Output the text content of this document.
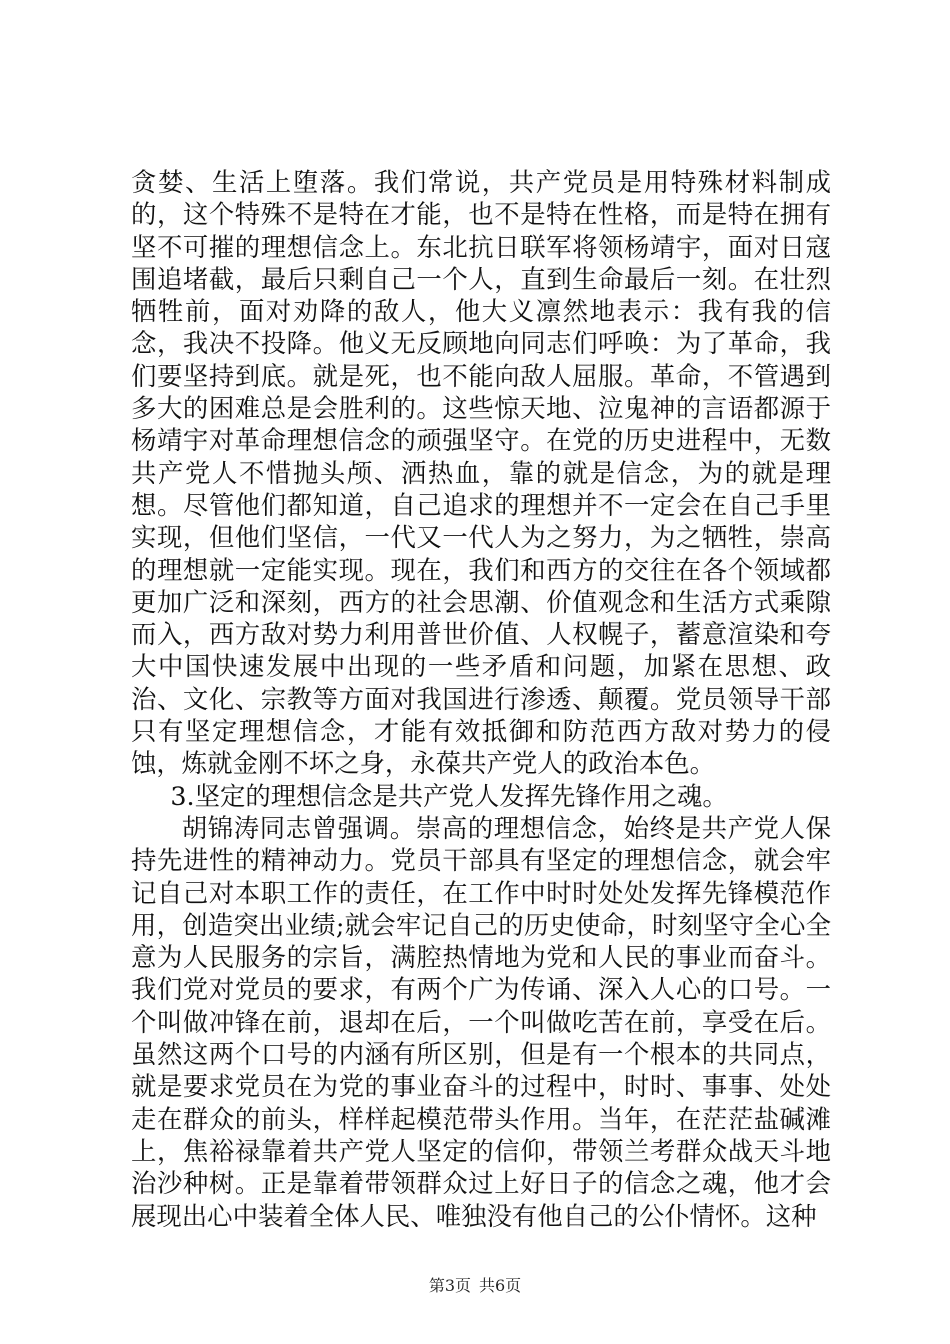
贪婪、生活上堕落。我们常说，共产党员是用特殊材料制成的，这个特殊不是特在才能，也不是特在性格，而是特在拥有坚不可摧的理想信念上。东北抗日联军将领杨靖宇，面对日寇围追堵截，最后只剩自己一个人，直到生命最后一刻。在壮烈牺牲前，面对劝降的敌人，他大义凛然地表示：我有我的信念，我决不投降。他义无反顾地向同志们呼唤：为了革命，我们要坚持到底。就是死，也不能向敌人屈服。革命，不管遇到多大的困难总是会胜利的。这些惊天地、泣鬼神的言语都源于杨靖宇对革命理想信念的顽强坚守。在党的历史进程中，无数共产党人不惜抛头颅、洒热血，靠的就是信念，为的就是理想。尽管他们都知道，自己追求的理想并不一定会在自己手里实现，但他们坚信，一代又一代人为之努力，为之牺牲，崇高的理想就一定能实现。现在，我们和西方的交往在各个领域都更加广泛和深刻，西方的社会思潮、价值观念和生活方式乘隙而入，西方敌对势力利用普世价值、人权幌子，蓄意渲染和夸大中国快速发展中出现的一些矛盾和问题，加紧在思想、政治、文化、宗教等方面对我国进行渗透、颠覆。党员领导干部只有坚定理想信念，才能有效抵御和防范西方敌对势力的侵蚀，炼就金刚不坏之身，永葆共产党人的政治本色。

3.坚定的理想信念是共产党人发挥先锋作用之魂。

胡锦涛同志曾强调。崇高的理想信念，始终是共产党人保持先进性的精神动力。党员干部具有坚定的理想信念，就会牢记自己对本职工作的责任，在工作中时时处处发挥先锋模范作用，创造突出业绩;就会牢记自己的历史使命，时刻坚守全心全意为人民服务的宗旨，满腔热情地为党和人民的事业而奋斗。我们党对党员的要求，有两个广为传诵、深入人心的口号。一个叫做冲锋在前，退却在后，一个叫做吃苦在前，享受在后。虽然这两个口号的内涵有所区别，但是有一个根本的共同点，就是要求党员在为党的事业奋斗的过程中，时时、事事、处处走在群众的前头，样样起模范带头作用。当年，在茫茫盐碱滩上，焦裕禄靠着共产党人坚定的信仰，带领兰考群众战天斗地治沙种树。正是靠着带领群众过上好日子的信念之魂，他才会展现出心中装着全体人民、唯独没有他自己的公仆情怀。这种

第3页 共6页
